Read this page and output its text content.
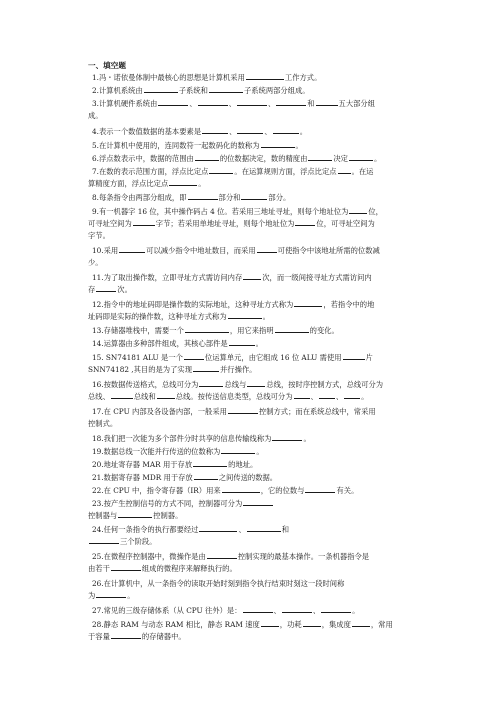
一、填空题
1.冯・诺依曼体制中最核心的思想是计算机采用	工作方式。
2.计算机系统由	子系统和	子系统两部分组成。
3.计算机硬件系统由	、	、	、	和	五大部分组
成。
4.表示一个数值数据的基本要素是	、	、	。
5.在计算机中使用的，连同数符一起数码化的数称为	。
6.浮点数表示中，数据的范围由	的位数据决定，数的精度由	决定	。
7.在数的表示范围方面，浮点比定点	。在运算规则方面，浮点比定点 。在运
算精度方面，浮点比定点	。
8.每条指令由两部分组成，即	部分和	部分。
9.有一机器字 16 位，其中操作码占 4 位。若采用三地址寻址，则每个地址位为	位，
可寻址空间为	字节；若采用单地址寻址，则每个地址位为	位，可寻址空间为
字节。
10.采用	可以减少指令中地址数目，而采用	可使指令中该地址所需的位数减
少。
11.为了取出操作数，立即寻址方式需访问内存	次，而一级间接寻址方式需访问内
存	次。
12.指令中的地址码即是操作数的实际地址，这种寻址方式称为	，若指令中的地
址码即是实际的操作数，这种寻址方式称为	。
13.存储器堆栈中，需要一个	，用它来指明	的变化。
14.运算器由多种部件组成，其核心部件是	。
15. SN74181 ALU 是一个	位运算单元，由它组成 16 位 ALU 需使用	片
SNN74182 ,其目的是为了实现	并行操作。
16.按数据传送格式，总线可分为	总线与	总线，按时序控制方式，总线可分为
总线、	总线和	总线。按传送信息类型，总线可分为 、 、 。
17.在 CPU 内部及各设备内部，一般采用	控制方式；而在系统总线中，常采用
控制式。
18.我们把一次能为多个部件分时共享的信息传输线称为	。
19.数据总线一次能并行传送的位数称为	。
20.地址寄存器 MAR 用于存放	的地址。
21.数据寄存器 MDR 用于存放	之间传送的数据。
22.在 CPU 中，指令寄存器（IR）用来	，它的位数与	有关。
23.按产生控制信号的方式不同，控制器可分为
控制器与	控制器。
24.任何一条指令的执行都要经过	、	和
三个阶段。
25.在微程序控制器中，微操作是由	控制实现的最基本操作。一条机器指令是
由若干	组成的微程序来解释执行的。
26.在计算机中，从一条指令的读取开始时刻到指令执行结束时刻这一段时间称
为	。
27.常见的三级存储体系（从 CPU 往外）是：	、	、	。
28.静态 RAM 与动态 RAM 相比，静态 RAM 速度	，功耗	，集成度	，常用
于容量	的存储器中。
